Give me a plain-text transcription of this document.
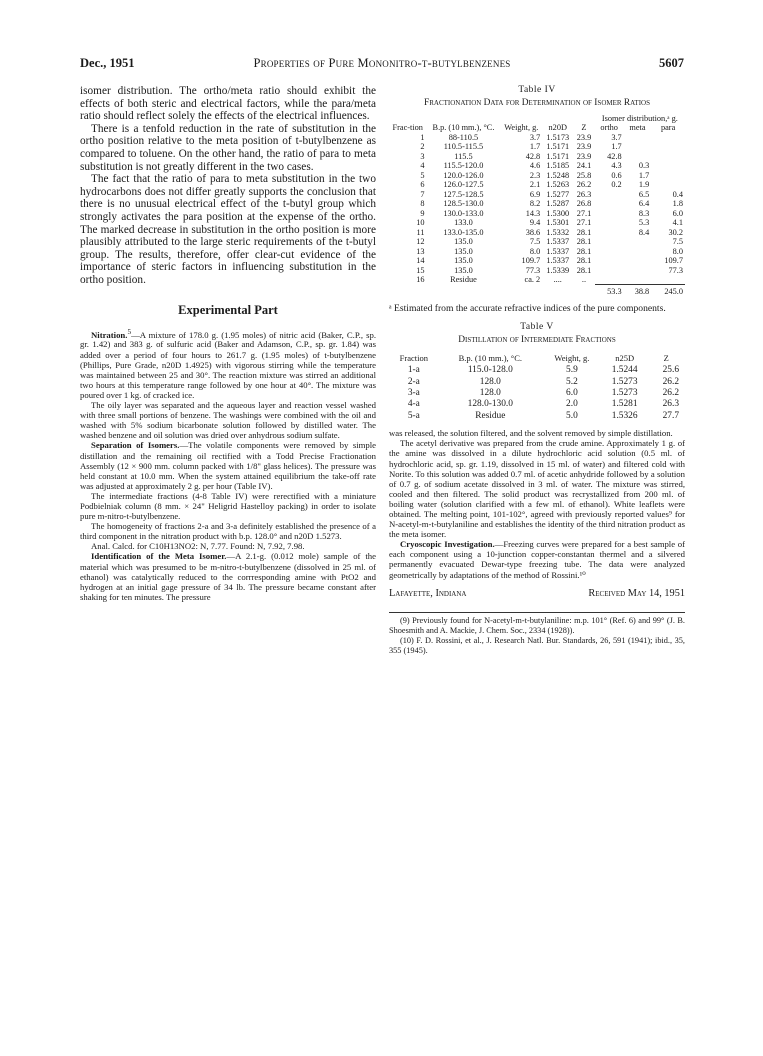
Dec., 1951	Properties of Pure Mononitro-t-butylbenzenes	5607

isomer distribution. The ortho/meta ratio should exhibit the effects of both steric and electrical factors, while the para/meta ratio should reflect solely the effects of the electrical influences.

There is a tenfold reduction in the rate of substitution in the ortho position relative to the meta position of t-butylbenzene as compared to toluene. On the other hand, the ratio of para to meta substitution is not greatly different in the two cases.

The fact that the ratio of para to meta substitution in the two hydrocarbons does not differ greatly supports the conclusion that there is no unusual electrical effect of the t-butyl group which strongly activates the para position at the expense of the ortho. The marked decrease in substitution in the ortho position is more plausibly attributed to the large steric requirements of the t-butyl group. The results, therefore, offer clear-cut evidence of the importance of steric factors in influencing substitution in the ortho position.

Experimental Part

Nitration.$^5$—A mixture of 178.0 g. (1.95 moles) of nitric acid (Baker, C.P., sp. gr. 1.42) and 383 g. of sulfuric acid (Baker and Adamson, C.P., sp. gr. 1.84) was added over a period of four hours to 261.7 g. (1.95 moles) of t-butylbenzene (Phillips, Pure Grade, n20D 1.4925) with vigorous stirring while the temperature was maintained between 25 and 30°. The reaction mixture was stirred an additional two hours at this temperature range followed by one hour at 40°. The mixture was poured over 1 kg. of cracked ice.

The oily layer was separated and the aqueous layer and reaction vessel washed with three small portions of benzene. The washings were combined with the oil and washed with 5% sodium bicarbonate solution followed by distilled water. The washed benzene and oil solution was dried over anhydrous sodium sulfate.

Separation of Isomers.—The volatile components were removed by simple distillation and the remaining oil rectified with a Todd Precise Fractionation Assembly (12 × 900 mm. column packed with 1/8" glass helices). The pressure was held constant at 10.0 mm. When the system attained equilibrium the take-off rate was adjusted at approximately 2 g. per hour (Table IV).

The intermediate fractions (4-8 Table IV) were rerectified with a miniature Podbielniak column (8 mm. × 24" Heligrid Hastelloy packing) in order to isolate pure m-nitro-t-butylbenzene.

The homogeneity of fractions 2-a and 3-a definitely established the presence of a third component in the nitration product with b.p. 128.0° and n20D 1.5273.

Anal. Calcd. for C10H13NO2: N, 7.77. Found: N, 7.92, 7.98.

Identification of the Meta Isomer.—A 2.1-g. (0.012 mole) sample of the material which was presumed to be m-nitro-t-butylbenzene (dissolved in 25 ml. of ethanol) was catalytically reduced to the corrresponding amine with PtO2 and hydrogen at an initial gage pressure of 34 lb. The pressure became constant after shaking for ten minutes. The pressure

Table IV

Fractionation Data for Determination of Isomer Ratios

Frac-tion	B.p. (10 mm.), °C.	Weight, g.	n20D	Z	Isomer distribution,ᵃ g.		
					ortho	meta	para
1	88-110.5	3.7	1.5173	23.9	3.7		
2	110.5-115.5	1.7	1.5171	23.9	1.7		
3	115.5	42.8	1.5171	23.9	42.8		
4	115.5-120.0	4.6	1.5185	24.1	4.3	0.3	
5	120.0-126.0	2.3	1.5248	25.8	0.6	1.7	
6	126.0-127.5	2.1	1.5263	26.2	0.2	1.9	
7	127.5-128.5	6.9	1.5277	26.3		6.5	0.4
8	128.5-130.0	8.2	1.5287	26.8		6.4	1.8
9	130.0-133.0	14.3	1.5300	27.1		8.3	6.0
10	133.0	9.4	1.5301	27.1		5.3	4.1
11	133.0-135.0	38.6	1.5332	28.1		8.4	30.2
12	135.0	7.5	1.5337	28.1			7.5
13	135.0	8.0	1.5337	28.1			8.0
14	135.0	109.7	1.5337	28.1			109.7
15	135.0	77.3	1.5339	28.1			77.3
16	Residue	ca. 2	....	..			
					53.3	38.8	245.0

ᵃ Estimated from the accurate refractive indices of the pure components.

Table V

Distillation of Intermediate Fractions

Fraction	B.p. (10 mm.), °C.	Weight, g.	n25D	Z
1-a	115.0-128.0	5.9	1.5244	25.6
2-a	128.0	5.2	1.5273	26.2
3-a	128.0	6.0	1.5273	26.2
4-a	128.0-130.0	2.0	1.5281	26.3
5-a	Residue	5.0	1.5326	27.7

was released, the solution filtered, and the solvent removed by simple distillation.

The acetyl derivative was prepared from the crude amine. Approximately 1 g. of the amine was dissolved in a dilute hydrochloric acid solution (0.5 ml. of hydrochloric acid, sp. gr. 1.19, dissolved in 15 ml. of water) and filtered cold with Norite. To this solution was added 0.7 ml. of acetic anhydride followed by a solution of 0.7 g. of sodium acetate dissolved in 3 ml. of water. The mixture was stirred, cooled and then filtered. The solid product was recrystallized from 200 ml. of boiling water (solution clarified with a few ml. of ethanol). White leaflets were obtained. The melting point, 101-102°, agreed with previously reported values⁹ for N-acetyl-m-t-butylaniline and establishes the identity of the third nitration product as the meta isomer.

Cryoscopic Investigation.—Freezing curves were prepared for a best sample of each component using a 10-junction copper-constantan thermel and a silvered permanently evacuated Dewar-type freezing tube. The data were analyzed geometrically by adaptations of the method of Rossini.¹⁰

Lafayette, Indiana	Received May 14, 1951

(9) Previously found for N-acetyl-m-t-butylaniline: m.p. 101° (Ref. 6) and 99° (J. B. Shoesmith and A. Mackie, J. Chem. Soc., 2334 (1928)).

(10) F. D. Rossini, et al., J. Research Natl. Bur. Standards, 26, 591 (1941); ibid., 35, 355 (1945).
